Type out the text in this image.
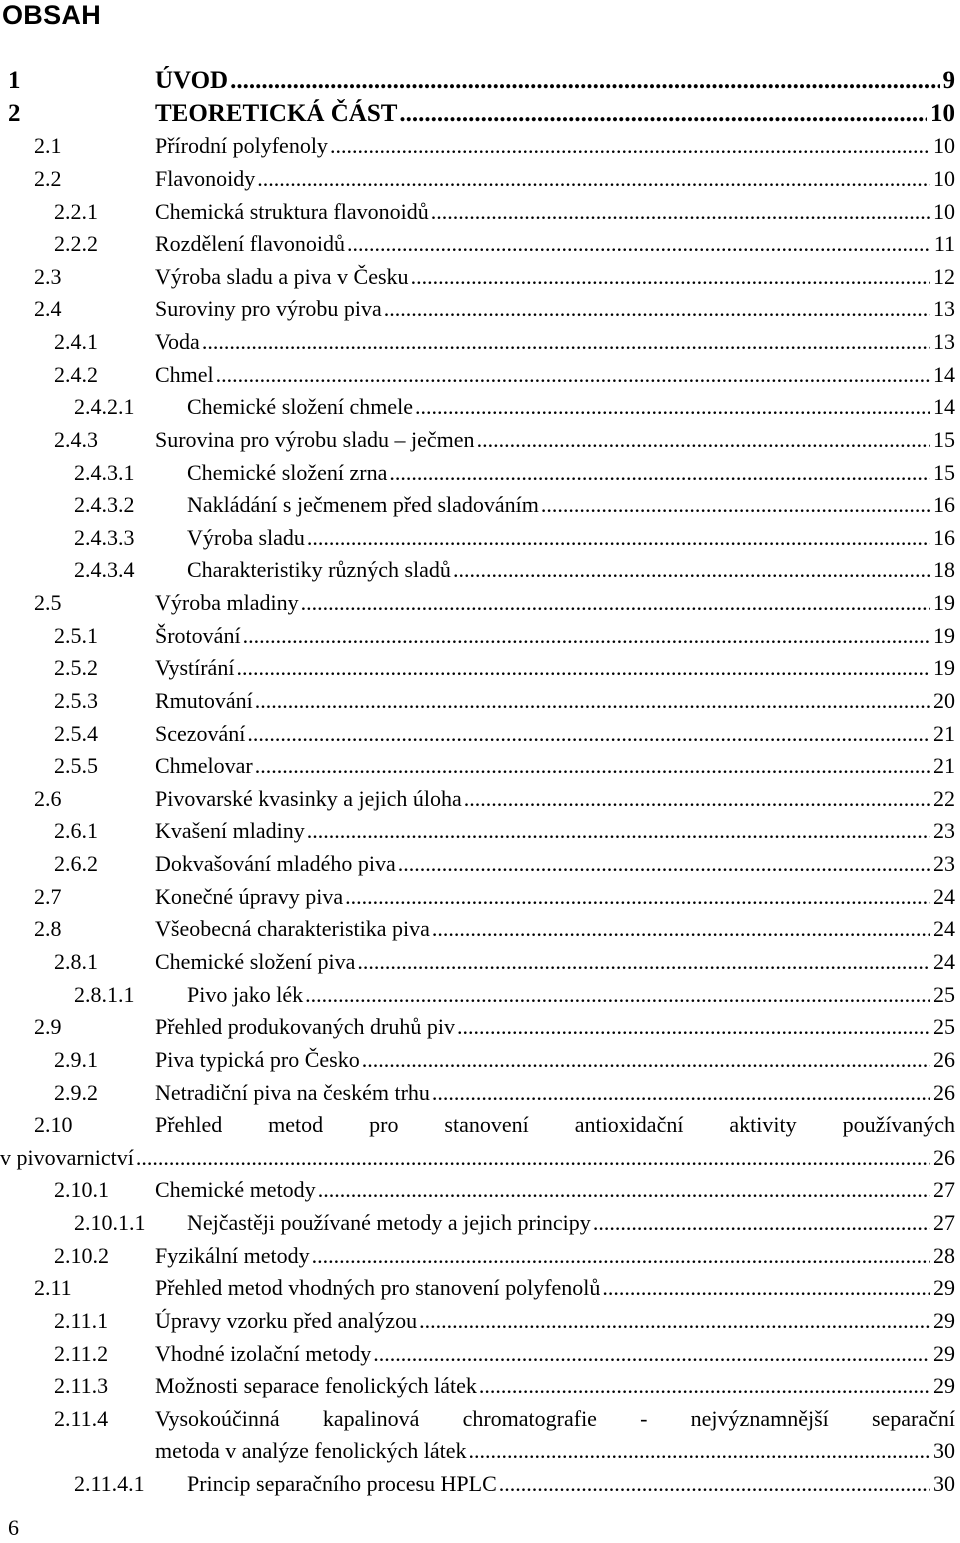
OBSAH
1	ÚVOD .....	9
2	TEORETICKÁ ČÁST .....	10
2.1	Přírodní polyfenoly .....	10
2.2	Flavonoidy .....	10
2.2.1	Chemická struktura flavonoidů .....	10
2.2.2	Rozdělení flavonoidů .....	11
2.3	Výroba sladu a piva v Česku .....	12
2.4	Suroviny pro výrobu piva .....	13
2.4.1	Voda .....	13
2.4.2	Chmel .....	14
2.4.2.1 Chemické složení chmele .....	14
2.4.3	Surovina pro výrobu sladu – ječmen .....	15
2.4.3.1 Chemické složení zrna .....	15
2.4.3.2 Nakládání s ječmenem před sladováním .....	16
2.4.3.3 Výroba sladu .....	16
2.4.3.4 Charakteristiky různých sladů .....	18
2.5	Výroba mladiny .....	19
2.5.1	Šrotování .....	19
2.5.2	Vystírání .....	19
2.5.3	Rmutování .....	20
2.5.4	Scezování .....	21
2.5.5	Chmelovar .....	21
2.6	Pivovarské kvasinky a jejich úloha .....	22
2.6.1	Kvašení mladiny .....	23
2.6.2	Dokvašování mladého piva .....	23
2.7	Konečné úpravy piva .....	24
2.8	Všeobecná charakteristika piva .....	24
2.8.1	Chemické složení piva .....	24
2.8.1.1 Pivo jako lék .....	25
2.9	Přehled produkovaných druhů piv .....	25
2.9.1	Piva typická pro Česko .....	26
2.9.2	Netradiční piva na českém trhu .....	26
2.10	Přehled metod pro stanovení antioxidační aktivity používaných
v pivovarnictví .....	26
2.10.1 Chemické metody .....	27
2.10.1.1 Nejčastěji používané metody a jejich principy .....	27
2.10.2 Fyzikální metody .....	28
2.11	Přehled metod vhodných pro stanovení polyfenolů .....	29
2.11.1 Úpravy vzorku před analýzou .....	29
2.11.2 Vhodné izolační metody .....	29
2.11.3 Možnosti separace fenolických látek .....	29
2.11.4 Vysokoúčinná kapalinová chromatografie - nejvýznamnější separační
metoda v analýze fenolických látek .....	30
2.11.4.1 Princip separačního procesu HPLC .....	30
6
